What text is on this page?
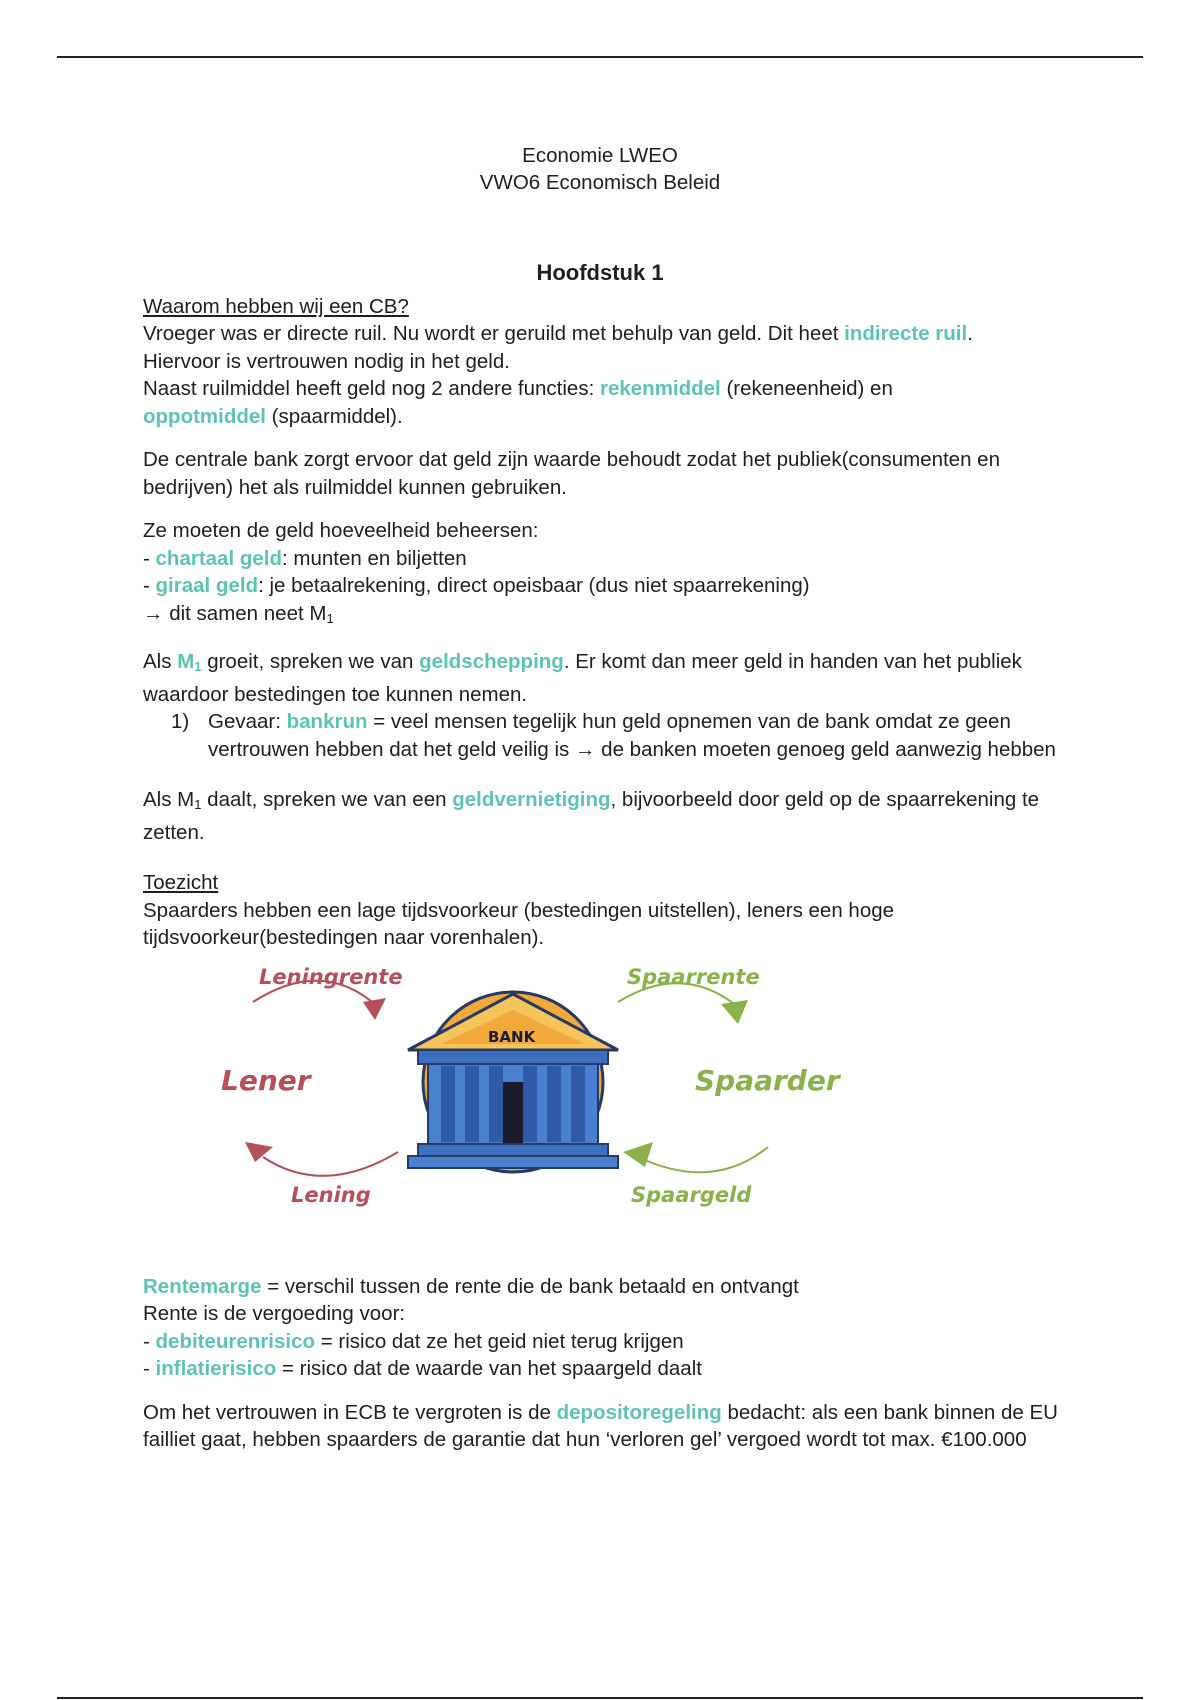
Economie LWEO
VWO6 Economisch Beleid
Hoofdstuk 1

Waarom hebben wij een CB?

Vroeger was er directe ruil. Nu wordt er geruild met behulp van geld. Dit heet indirecte ruil.

Hiervoor is vertrouwen nodig in het geld.

Naast ruilmiddel heeft geld nog 2 andere functies: rekenmiddel (rekeneenheid) en
oppotmiddel (spaarmiddel).

De centrale bank zorgt ervoor dat geld zijn waarde behoudt zodat het publiek(consumenten en bedrijven) het als ruilmiddel kunnen gebruiken.

Ze moeten de geld hoeveelheid beheersen:

- chartaal geld: munten en biljetten

- giraal geld: je betaalrekening, direct opeisbaar (dus niet spaarrekening)

→ dit samen neet $M_1$

Als $M_1$ groeit, spreken we van geldschepping. Er komt dan meer geld in handen van het publiek waardoor bestedingen toe kunnen nemen.

1) Gevaar: bankrun = veel mensen tegelijk hun geld opnemen van de bank omdat ze geen vertrouwen hebben dat het geld veilig is → de banken moeten genoeg geld aanwezig hebben

Als $M_1$ daalt, spreken we van een geldvernietiging, bijvoorbeeld door geld op de spaarrekening te zetten.

Toezicht

Spaarders hebben een lage tijdsvoorkeur (bestedingen uitstellen), leners een hoge tijdsvoorkeur(bestedingen naar vorenhalen).

Leningrente	Spaarrente
Lener	Spaarder
Lening	Spaargeld
BANK

Rentemarge = verschil tussen de rente die de bank betaald en ontvangt

Rente is de vergoeding voor:

- debiteurenrisico = risico dat ze het geid niet terug krijgen

- inflatierisico = risico dat de waarde van het spaargeld daalt

Om het vertrouwen in ECB te vergroten is de depositoregeling bedacht: als een bank binnen de EU failliet gaat, hebben spaarders de garantie dat hun ‘verloren gel’ vergoed wordt tot max. €100.000
